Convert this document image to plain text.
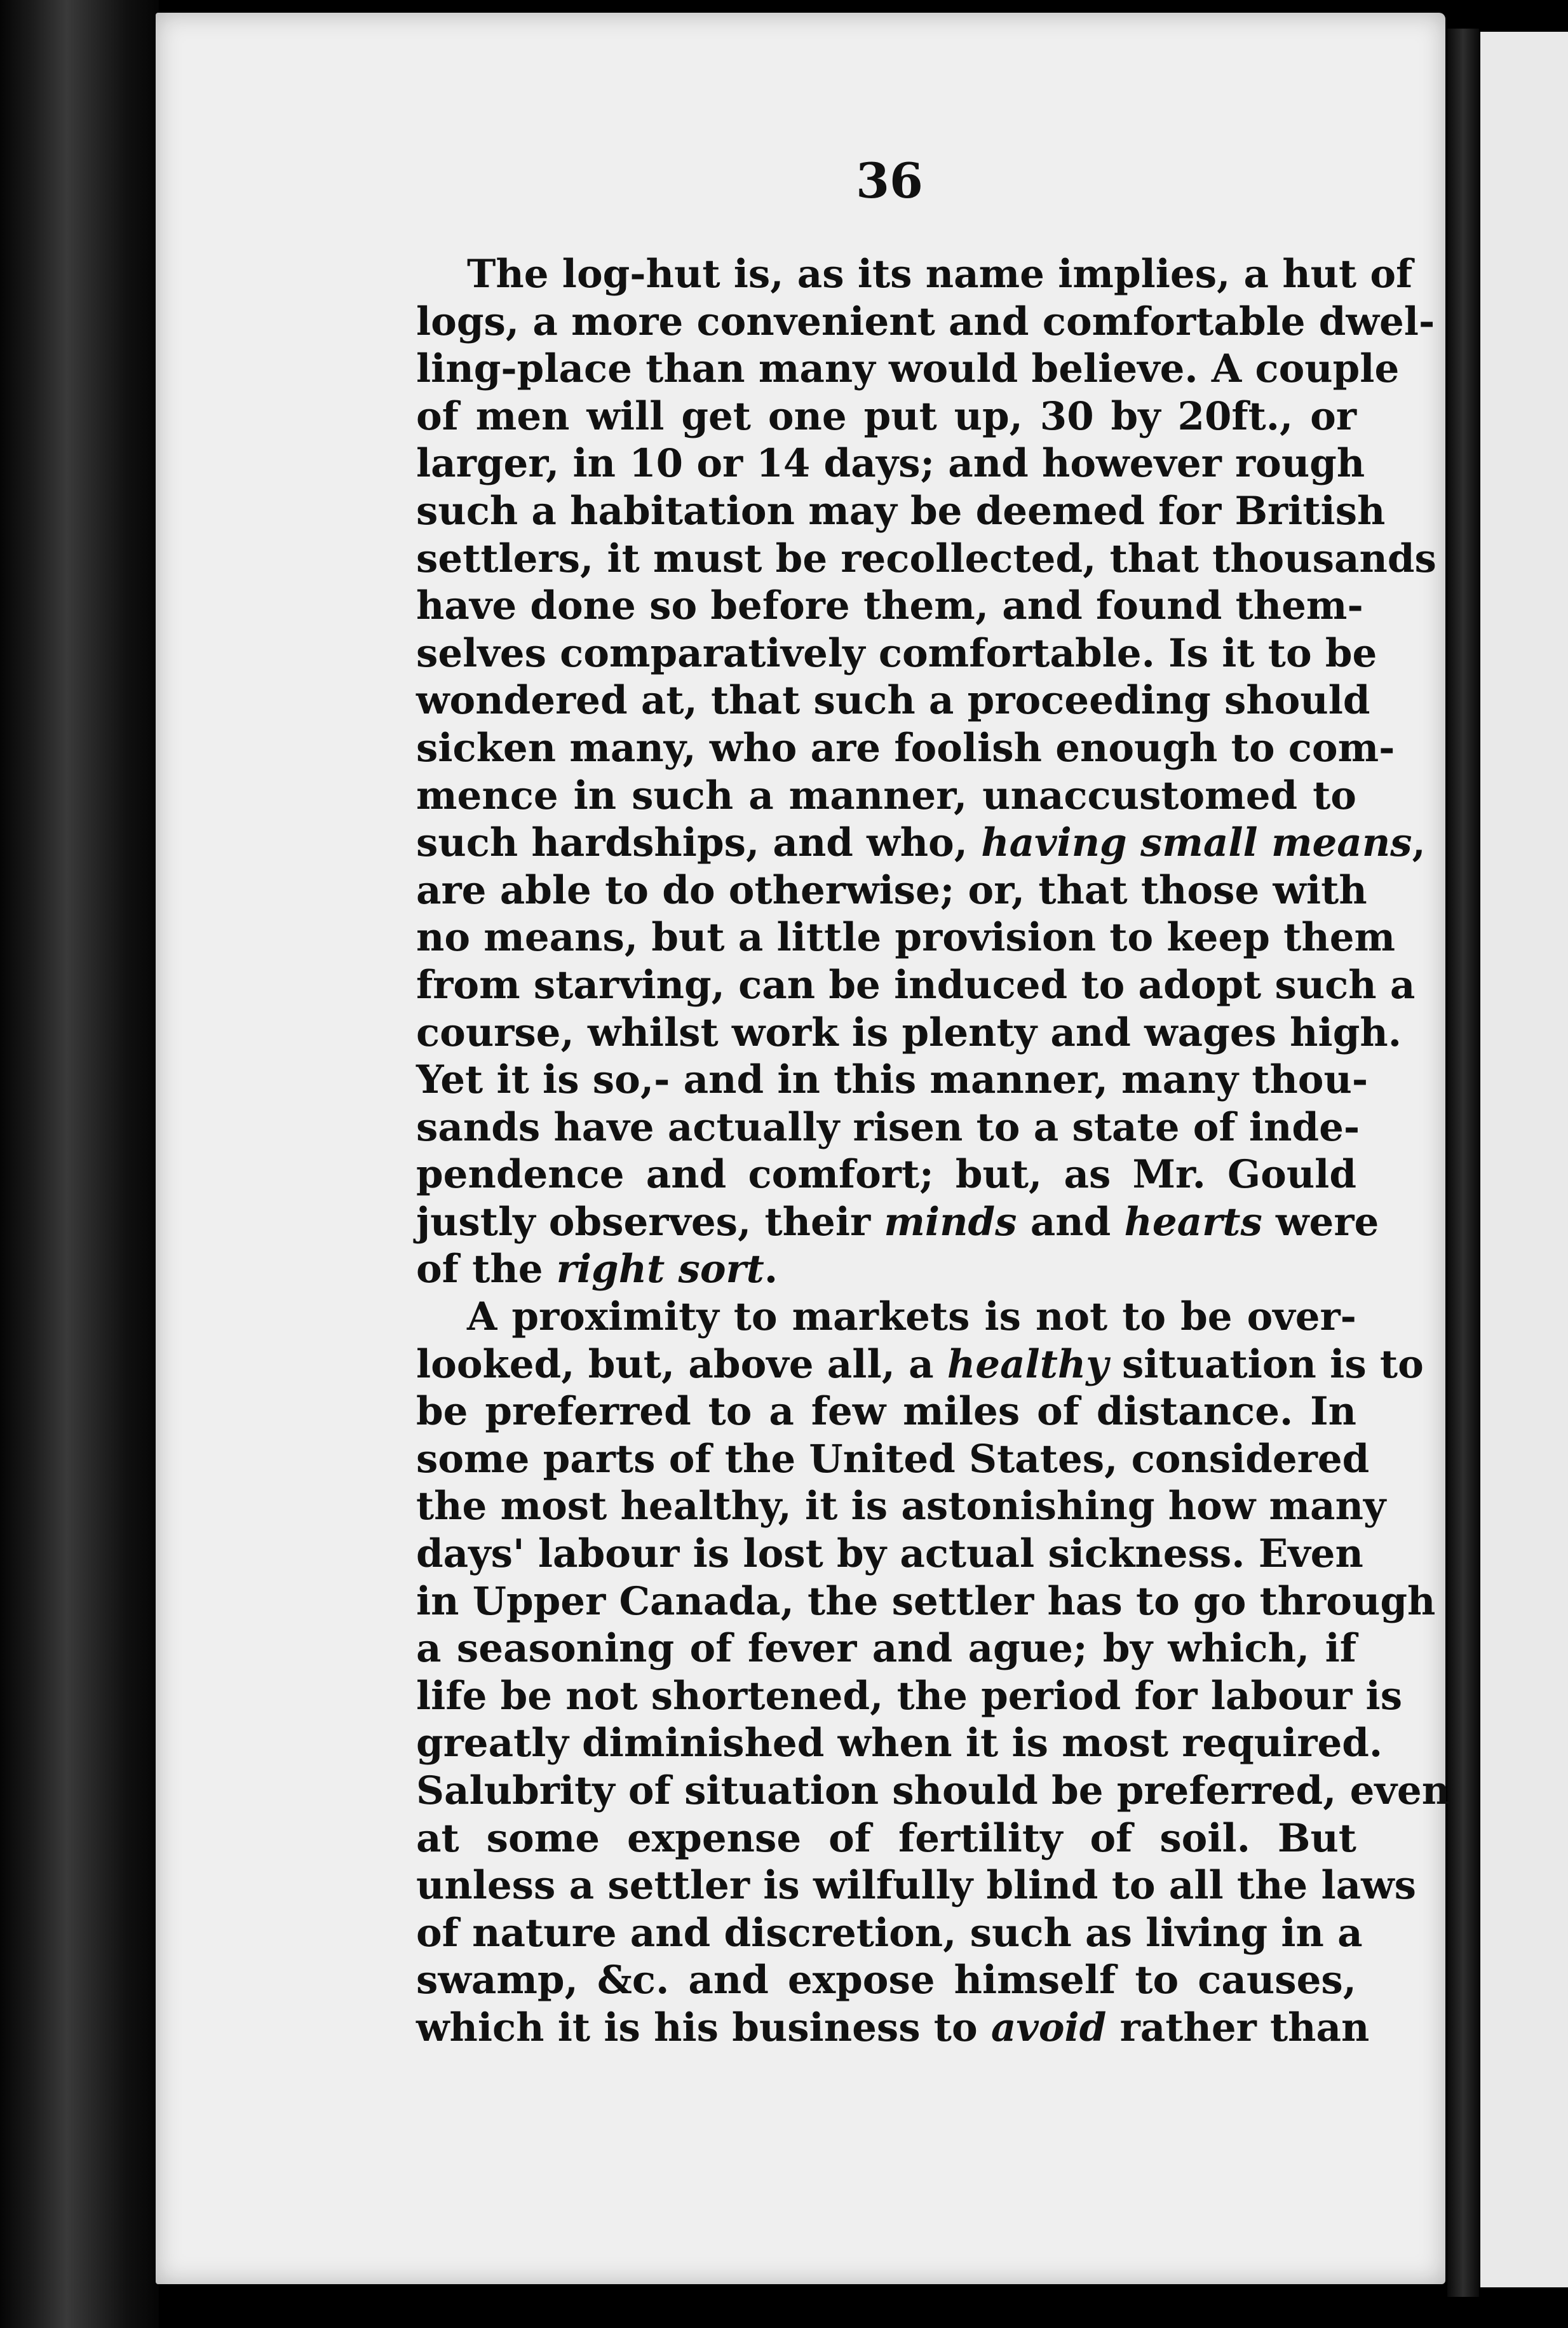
36
The log-hut is, as its name implies, a hut of
logs, a more convenient and comfortable dwel-
ling-place than many would believe. A couple
of men will get one put up, 30 by 20ft., or
larger, in 10 or 14 days; and however rough
such a habitation may be deemed for British
settlers, it must be recollected, that thousands
have done so before them, and found them-
selves comparatively comfortable. Is it to be
wondered at, that such a proceeding should
sicken many, who are foolish enough to com-
mence in such a manner, unaccustomed to
such hardships, and who, having small means,
are able to do otherwise; or, that those with
no means, but a little provision to keep them
from starving, can be induced to adopt such a
course, whilst work is plenty and wages high.
Yet it is so,- and in this manner, many thou-
sands have actually risen to a state of inde-
pendence and comfort; but, as Mr. Gould
justly observes, their minds and hearts were
of the right sort.
A proximity to markets is not to be over-
looked, but, above all, a healthy situation is to
be preferred to a few miles of distance. In
some parts of the United States, considered
the most healthy, it is astonishing how many
days' labour is lost by actual sickness. Even
in Upper Canada, the settler has to go through
a seasoning of fever and ague; by which, if
life be not shortened, the period for labour is
greatly diminished when it is most required.
Salubrity of situation should be preferred, even
at some expense of fertility of soil. But
unless a settler is wilfully blind to all the laws
of nature and discretion, such as living in a
swamp, &c. and expose himself to causes,
which it is his business to avoid rather than
